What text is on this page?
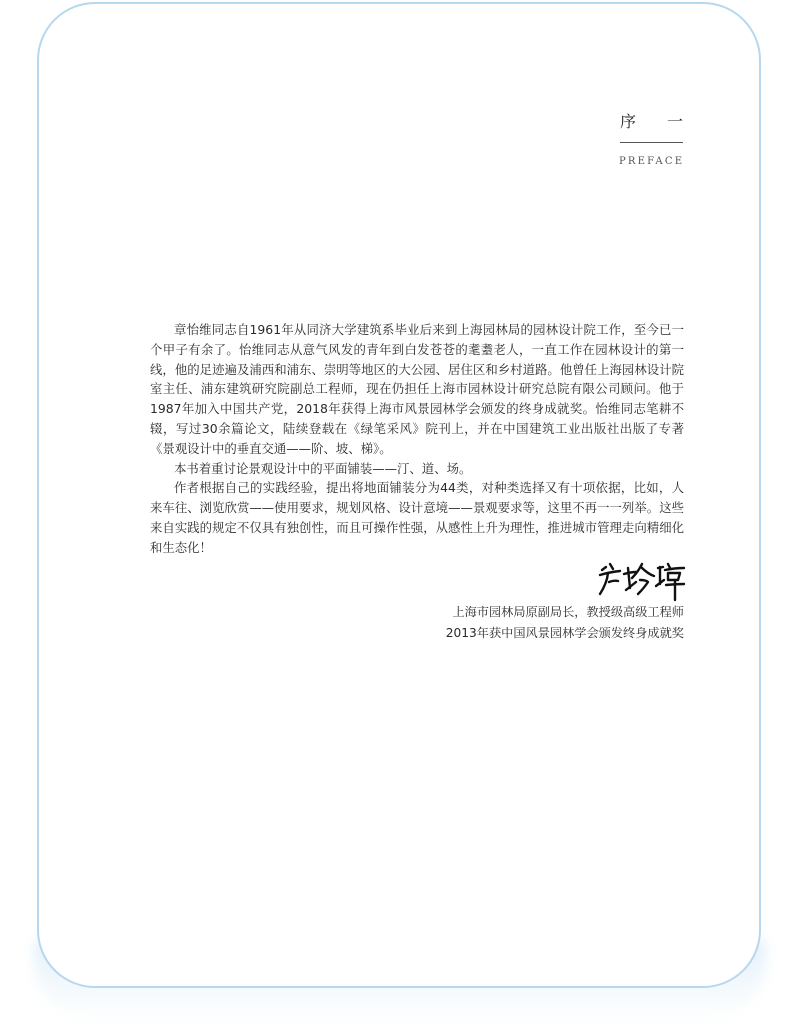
序 一
PREFACE

章怡维同志自1961年从同济大学建筑系毕业后来到上海园林局的园林设计院工作，至今已一个甲子有余了。怡维同志从意气风发的青年到白发苍苍的耄耋老人，一直工作在园林设计的第一线，他的足迹遍及浦西和浦东、崇明等地区的大公园、居住区和乡村道路。他曾任上海园林设计院室主任、浦东建筑研究院副总工程师，现在仍担任上海市园林设计研究总院有限公司顾问。他于1987年加入中国共产党，2018年获得上海市风景园林学会颁发的终身成就奖。怡维同志笔耕不辍，写过30余篇论文，陆续登载在《绿笔采风》院刊上，并在中国建筑工业出版社出版了专著《景观设计中的垂直交通——阶、坡、梯》。

本书着重讨论景观设计中的平面铺装——汀、道、场。

作者根据自己的实践经验，提出将地面铺装分为44类，对种类选择又有十项依据，比如，人来车往、浏览欣赏——使用要求，规划风格、设计意境——景观要求等，这里不再一一列举。这些来自实践的规定不仅具有独创性，而且可操作性强，从感性上升为理性，推进城市管理走向精细化和生态化！

上海市园林局原副局长，教授级高级工程师
2013年获中国风景园林学会颁发终身成就奖
